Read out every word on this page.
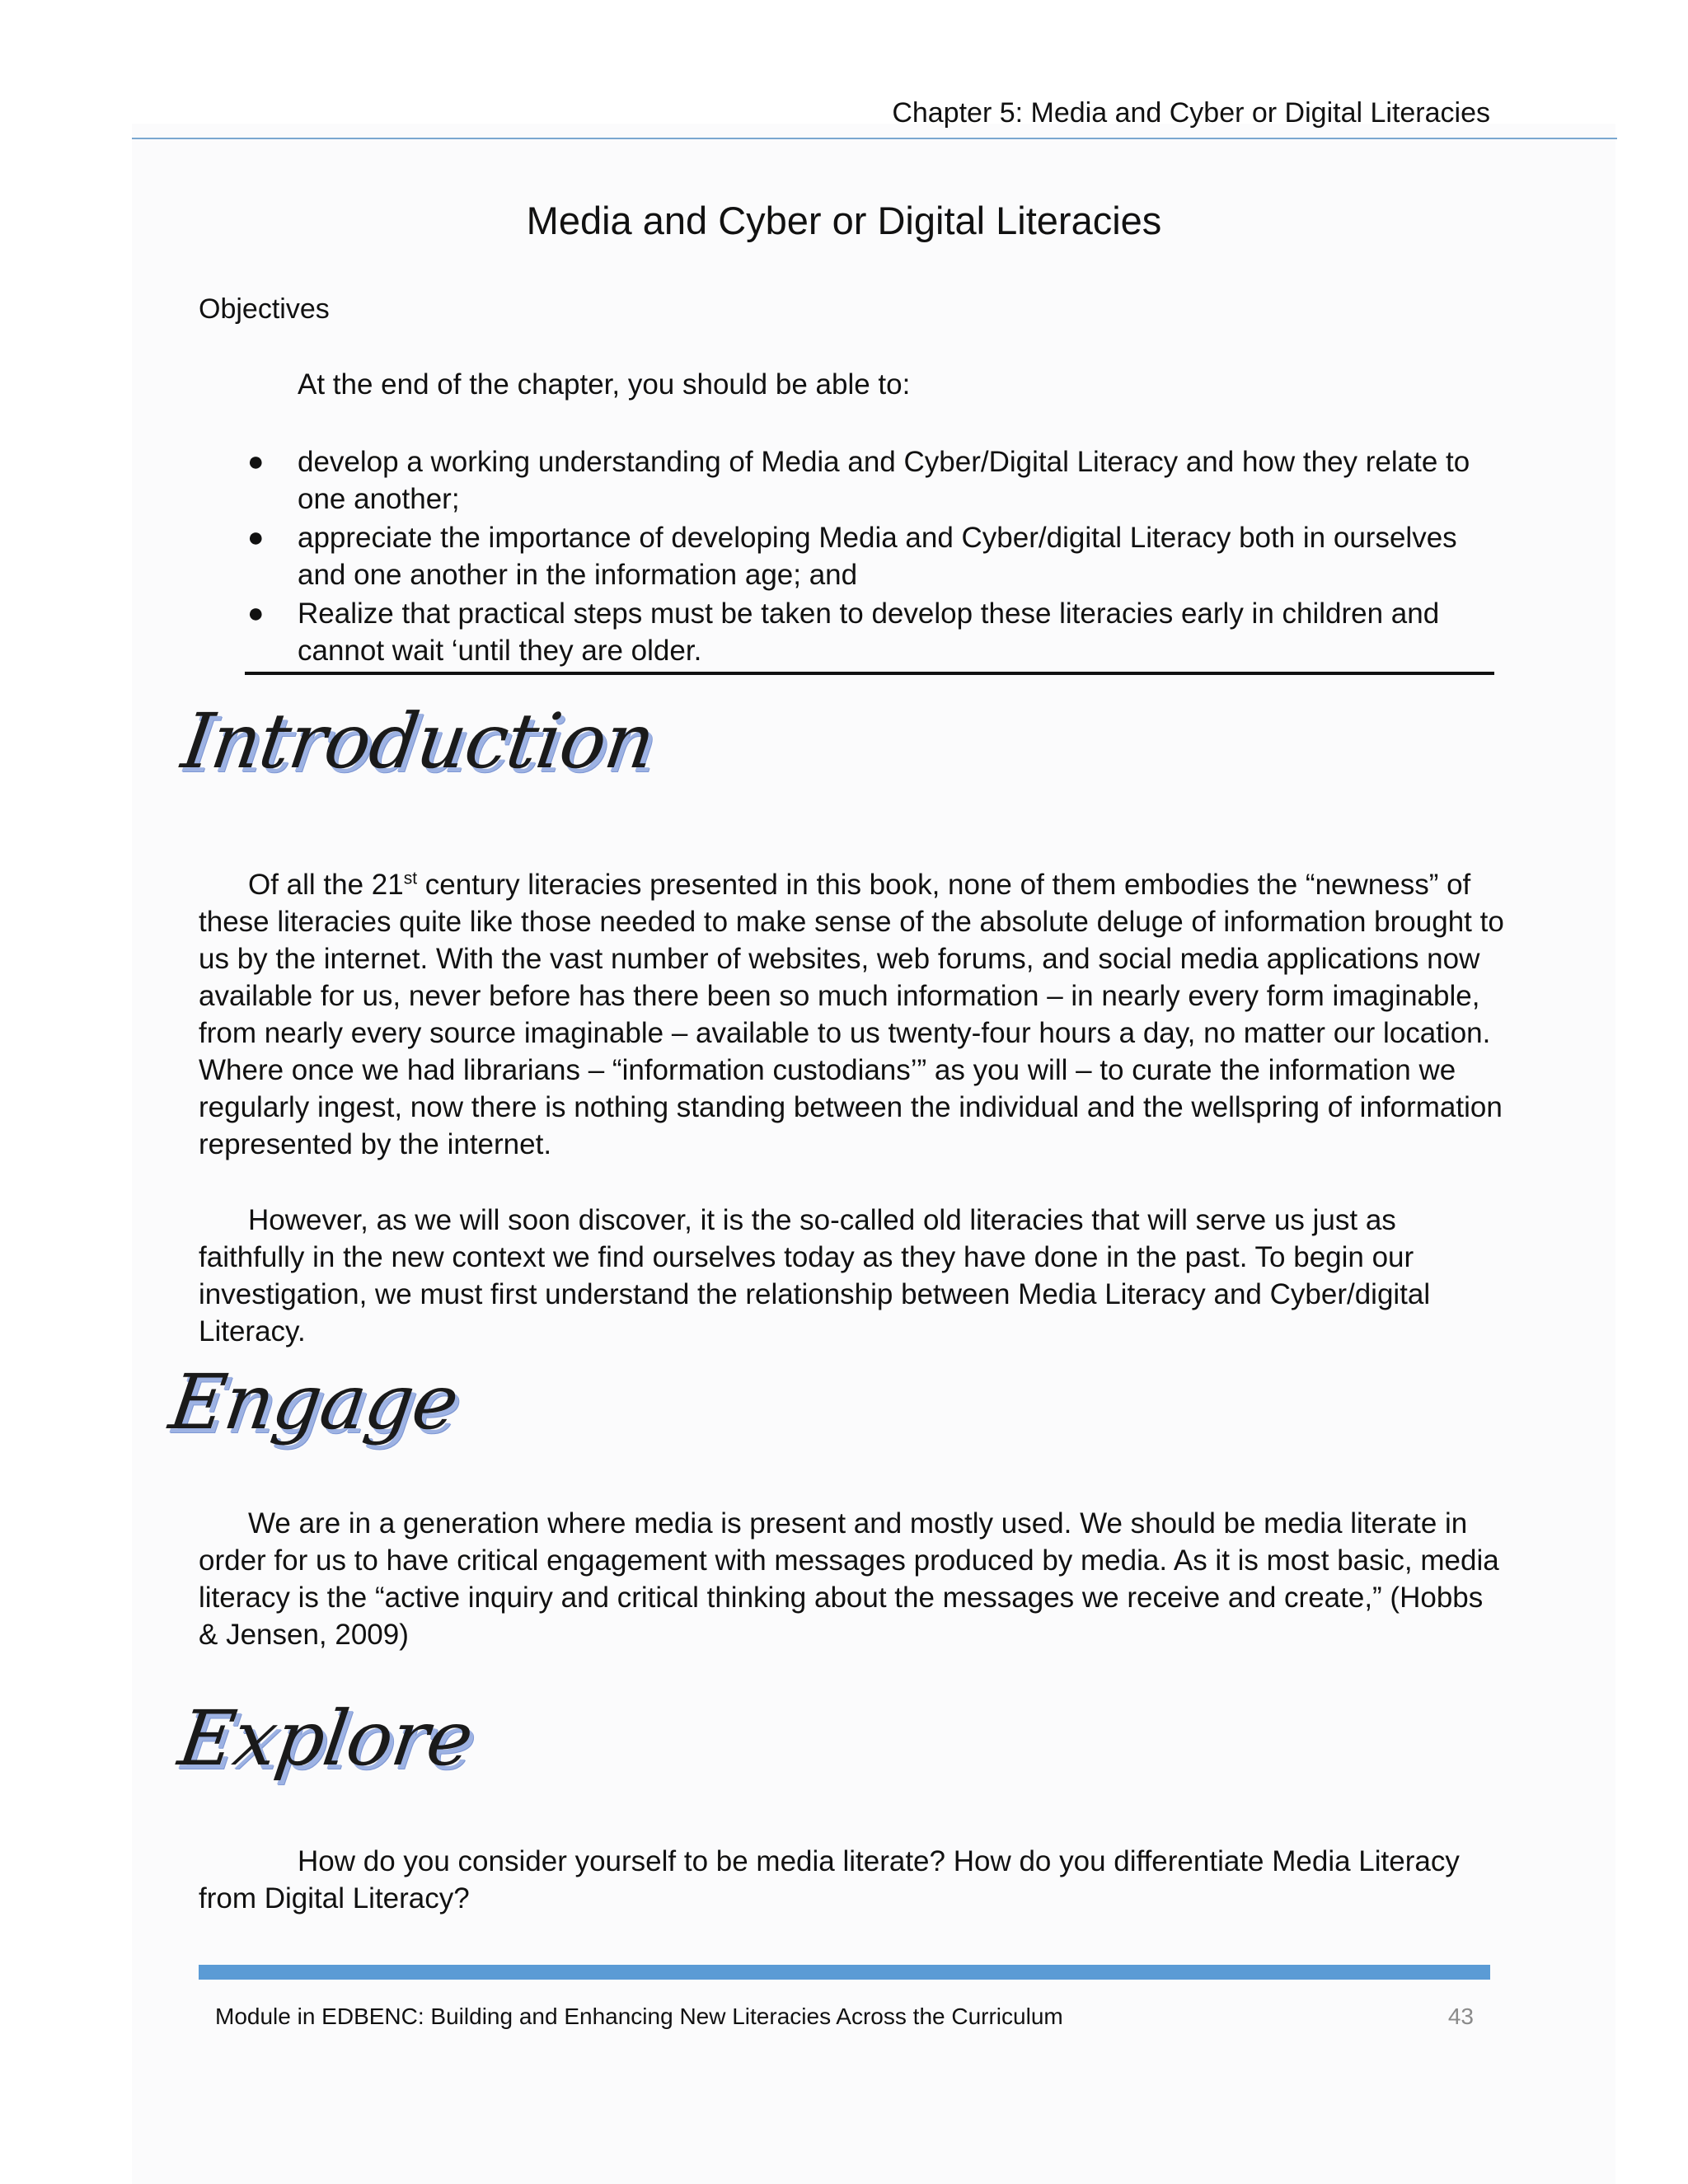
Chapter 5: Media and Cyber or Digital Literacies
Media and Cyber or Digital Literacies
Objectives
At the end of the chapter, you should be able to:
● develop a working understanding of Media and Cyber/Digital Literacy and how they relate to one another;
● appreciate the importance of developing Media and Cyber/digital Literacy both in ourselves and one another in the information age; and
● Realize that practical steps must be taken to develop these literacies early in children and cannot wait ‘until they are older.
Introduction

Of all the 21st century literacies presented in this book, none of them embodies the “newness” of these literacies quite like those needed to make sense of the absolute deluge of information brought to us by the internet. With the vast number of websites, web forums, and social media applications now available for us, never before has there been so much information – in nearly every form imaginable, from nearly every source imaginable – available to us twenty-four hours a day, no matter our location. Where once we had librarians – “information custodians’” as you will – to curate the information we regularly ingest, now there is nothing standing between the individual and the wellspring of information represented by the internet.

However, as we will soon discover, it is the so-called old literacies that will serve us just as faithfully in the new context we find ourselves today as they have done in the past. To begin our investigation, we must first understand the relationship between Media Literacy and Cyber/digital Literacy.

Engage

We are in a generation where media is present and mostly used. We should be media literate in order for us to have critical engagement with messages produced by media. As it is most basic, media literacy is the “active inquiry and critical thinking about the messages we receive and create,” (Hobbs & Jensen, 2009)

Explore

How do you consider yourself to be media literate? How do you differentiate Media Literacy from Digital Literacy?

Module in EDBENC: Building and Enhancing New Literacies Across the Curriculum	43
